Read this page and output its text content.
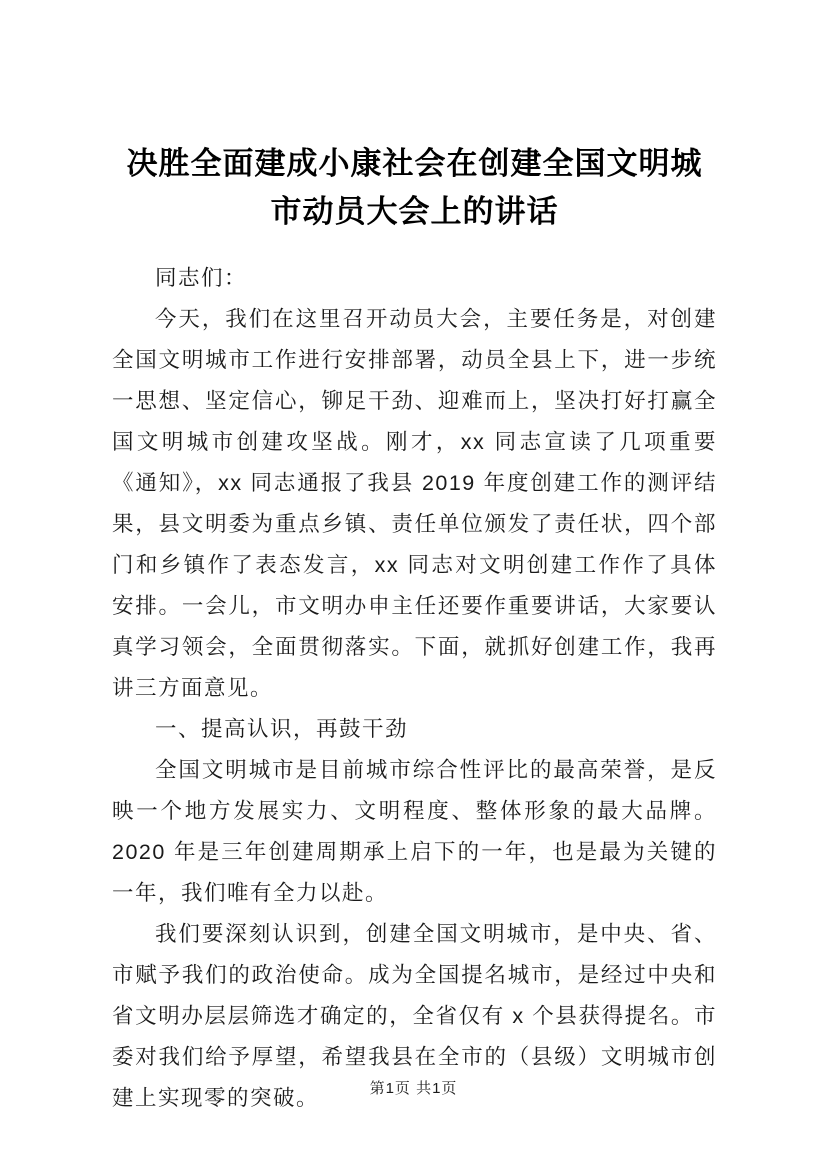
决胜全面建成小康社会在创建全国文明城市动员大会上的讲话

同志们：

今天，我们在这里召开动员大会，主要任务是，对创建全国文明城市工作进行安排部署，动员全县上下，进一步统一思想、坚定信心，铆足干劲、迎难而上，坚决打好打赢全国文明城市创建攻坚战。刚才，xx 同志宣读了几项重要《通知》，xx 同志通报了我县 2019 年度创建工作的测评结果，县文明委为重点乡镇、责任单位颁发了责任状，四个部门和乡镇作了表态发言，xx 同志对文明创建工作作了具体安排。一会儿，市文明办申主任还要作重要讲话，大家要认真学习领会，全面贯彻落实。下面，就抓好创建工作，我再讲三方面意见。

一、提高认识，再鼓干劲

全国文明城市是目前城市综合性评比的最高荣誉，是反映一个地方发展实力、文明程度、整体形象的最大品牌。2020 年是三年创建周期承上启下的一年，也是最为关键的一年，我们唯有全力以赴。

我们要深刻认识到，创建全国文明城市，是中央、省、市赋予我们的政治使命。成为全国提名城市，是经过中央和省文明办层层筛选才确定的，全省仅有 x 个县获得提名。市委对我们给予厚望，希望我县在全市的（县级）文明城市创建上实现零的突破。	第1页 共1页
